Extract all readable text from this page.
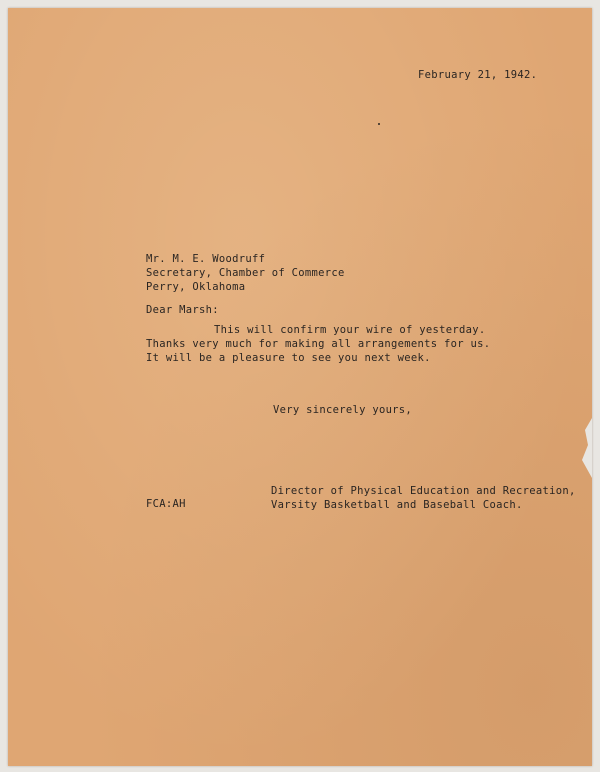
February 21, 1942.
Mr. M. E. Woodruff
Secretary, Chamber of Commerce
Perry, Oklahoma
Dear Marsh:
This will confirm your wire of yesterday.
Thanks very much for making all arrangements for us.
It will be a pleasure to see you next week.
Very sincerely yours,
Director of Physical Education and Recreation,
Varsity Basketball and Baseball Coach.
FCA:AH
